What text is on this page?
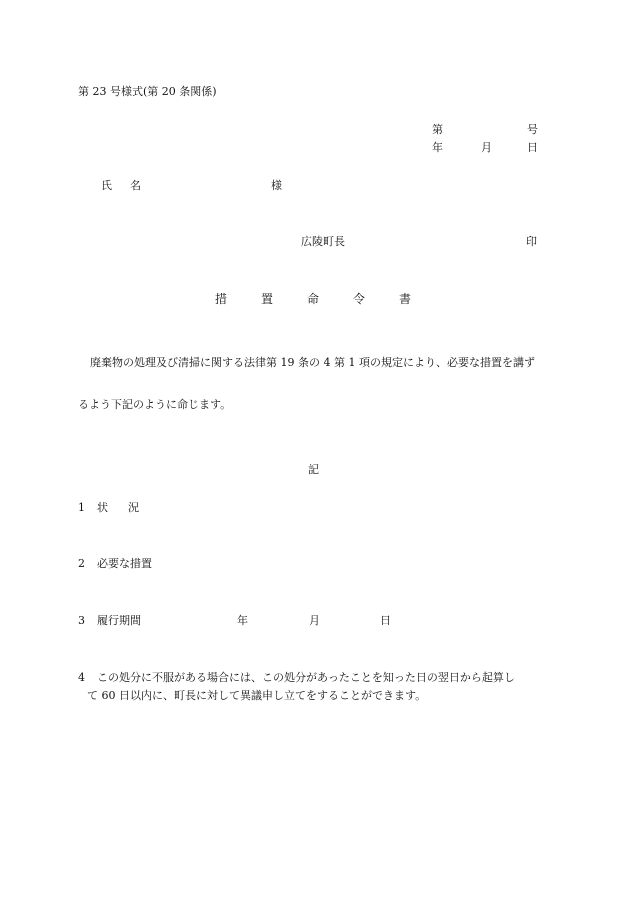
第 23 号様式(第 20 条関係)
第	号
年	月	日
氏 名	様
広陵町長	印
措	置	命	令	書
廃棄物の処理及び清掃に関する法律第 19 条の 4 第 1 項の規定により、必要な措置を講ず
るよう下記のように命じます。
記
1 状 況
2 必要な措置
3 履行期間	年	月	日
4 この処分に不服がある場合には、この処分があったことを知った日の翌日から起算し
て 60 日以内に、町長に対して異議申し立てをすることができます。
